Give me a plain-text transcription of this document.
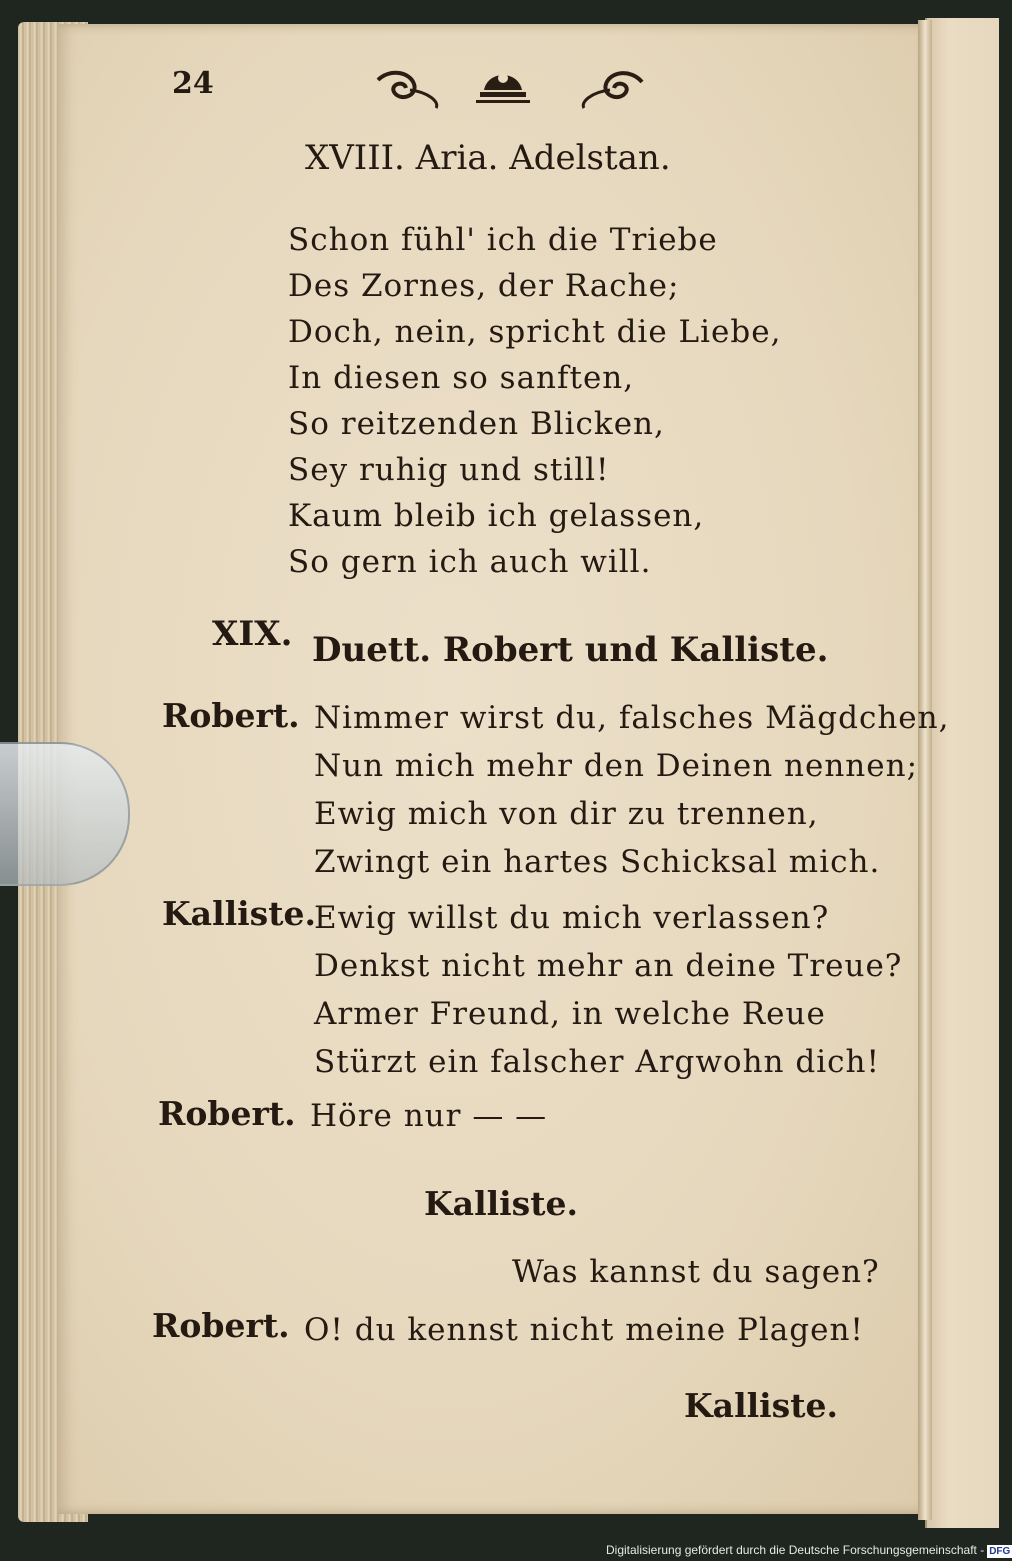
24
XVIII. Aria. Adelstan.
Schon fühl' ich die Triebe
Des Zornes, der Rache;
Doch, nein, spricht die Liebe,
In diesen so sanften,
So reitzenden Blicken,
Sey ruhig und still!
Kaum bleib ich gelassen,
So gern ich auch will.
XIX. Duett. Robert und Kalliste.
Robert. Nimmer wirst du, falsches Mägdchen,
Nun mich mehr den Deinen nennen;
Ewig mich von dir zu trennen,
Zwingt ein hartes Schicksal mich.
Kalliste.
Ewig willst du mich verlassen?
Denkst nicht mehr an deine Treue?
Armer Freund, in welche Reue
Stürzt ein falscher Argwohn dich!
Robert. Höre nur — —
Kalliste.
Was kannst du sagen?
Robert. O! du kennst nicht meine Plagen!
Kalliste.
Digitalisierung gefördert durch die Deutsche Forschungsgemeinschaft - DFG
